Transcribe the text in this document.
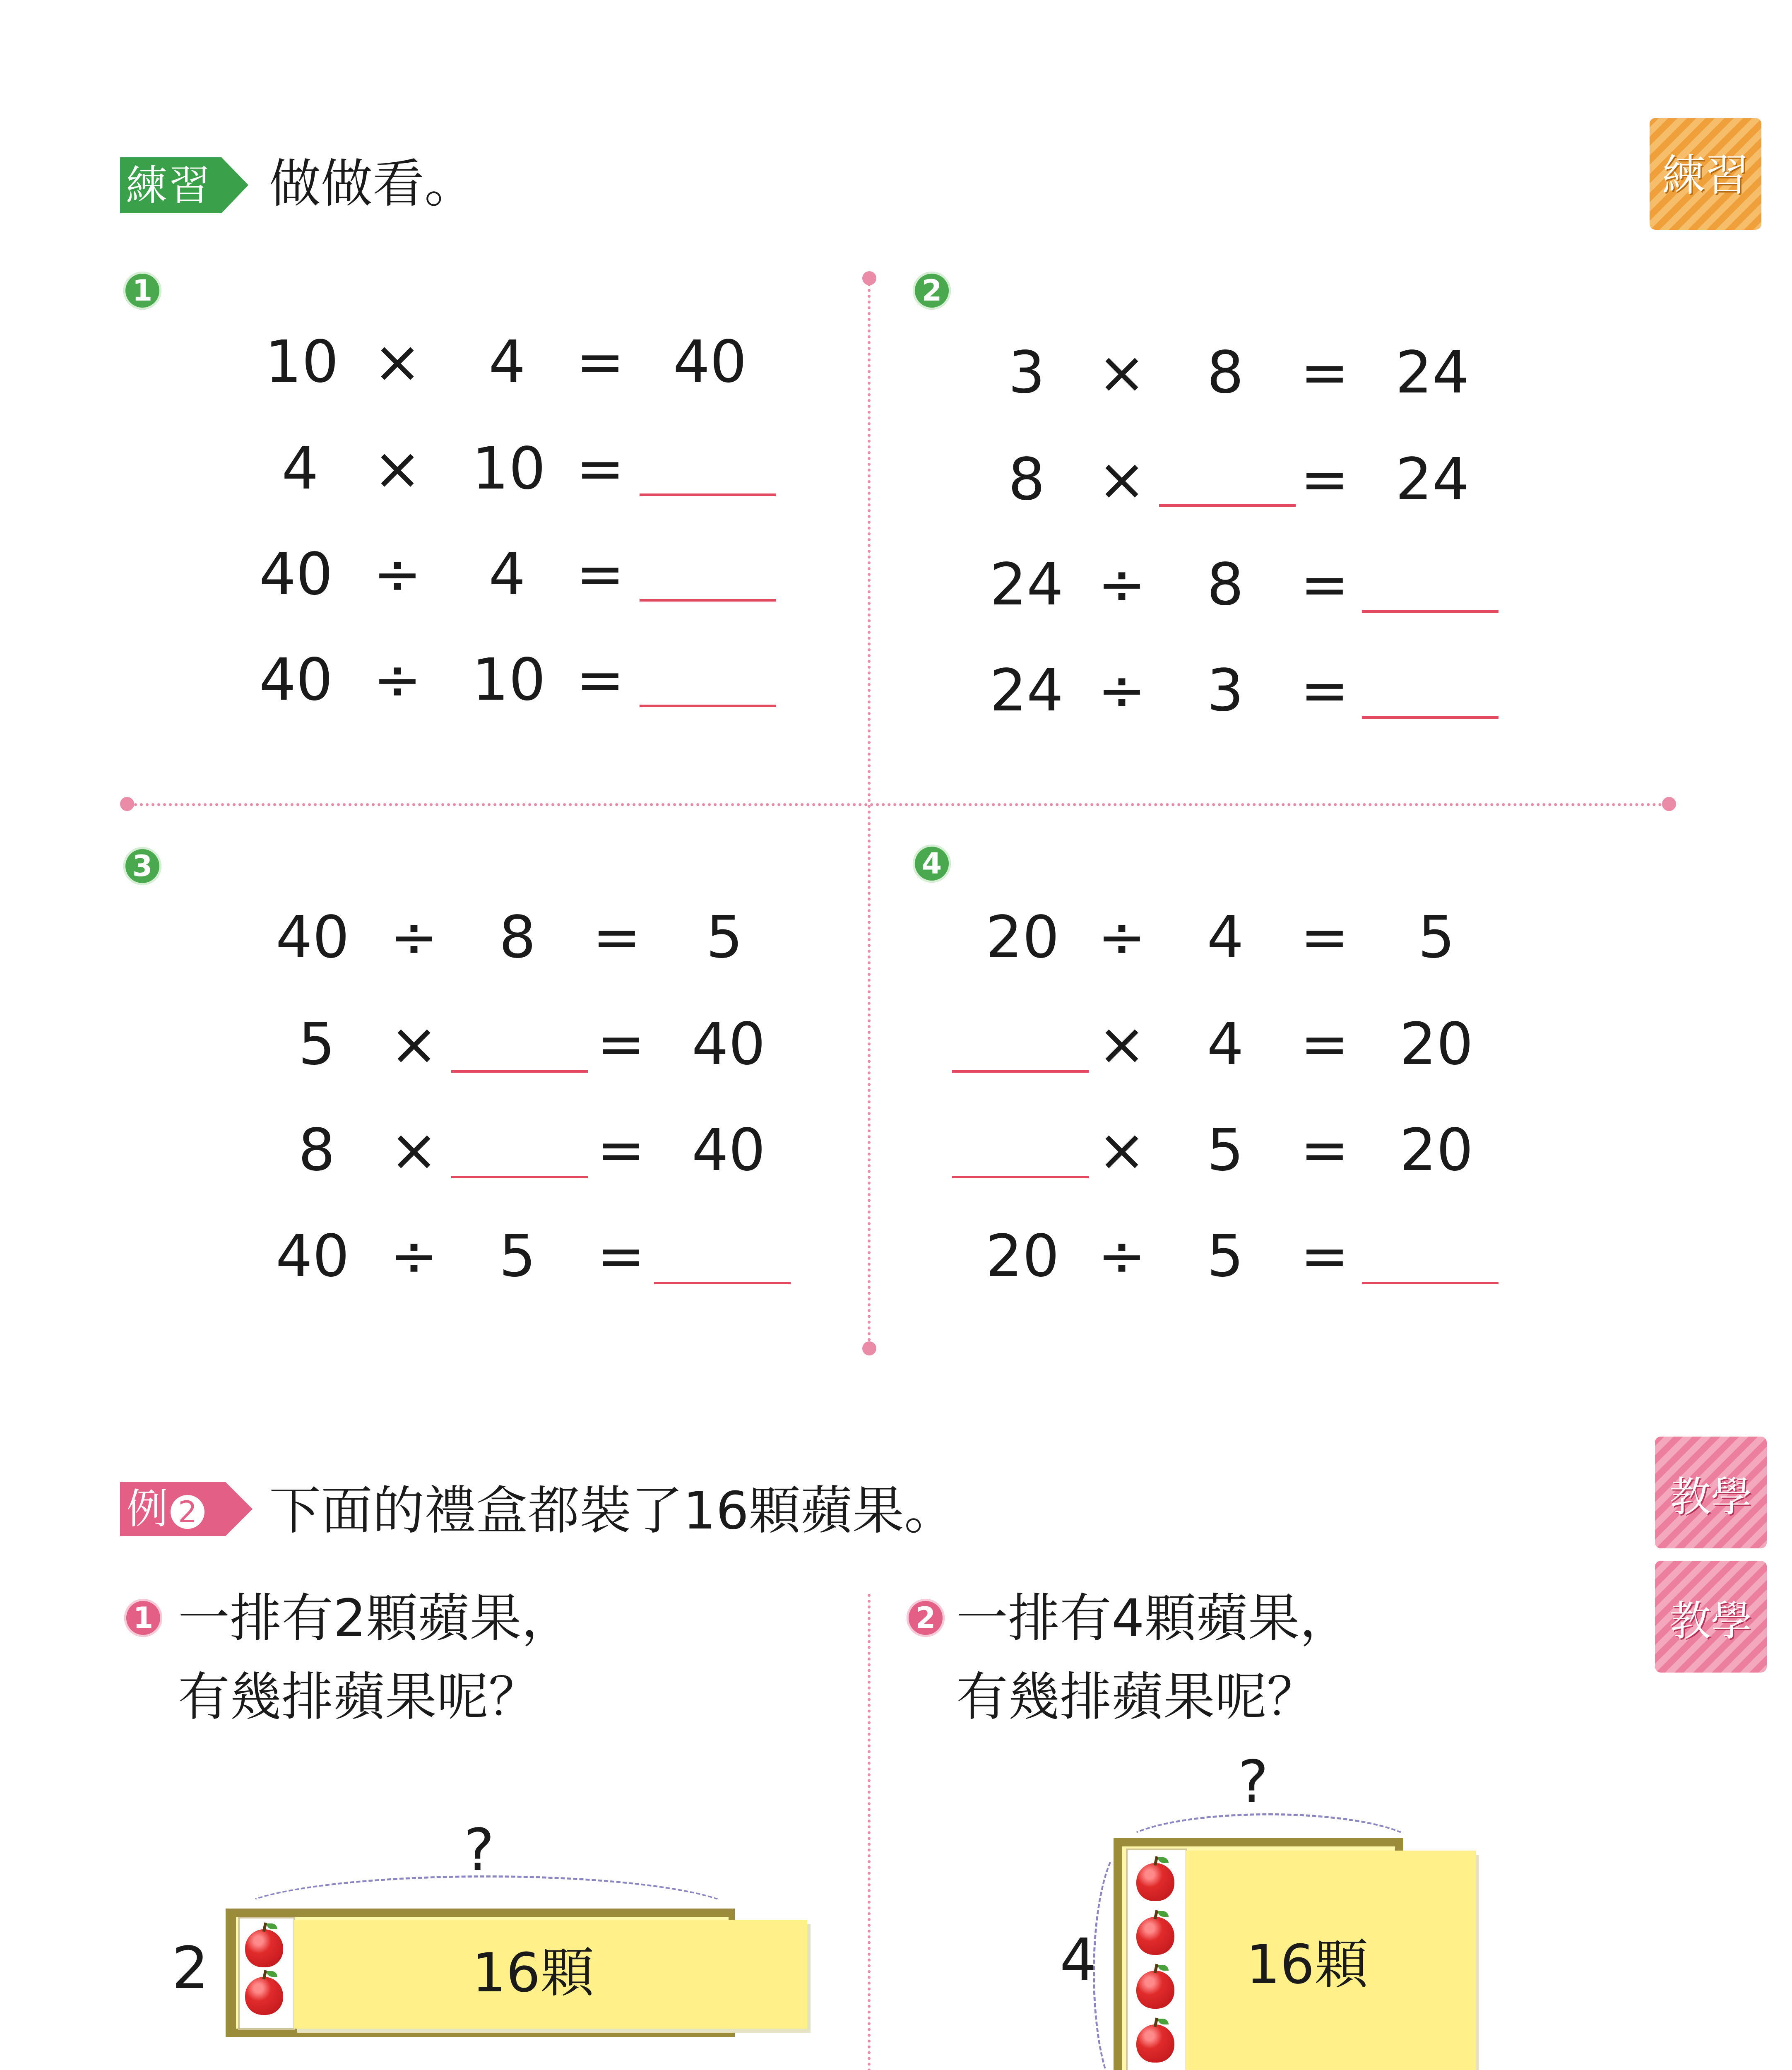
練習 做做看。	練習
1
10 × 4 = 40
4 × 10 =
40 ÷ 4 =
40 ÷ 10 =
2
3 ×	8 = 24
8 ×	= 24
24 ÷	8 =
24 ÷	3 =
3
40 ÷	8 =	5
5 ×	= 40
8 ×	= 40
40 ÷	5	=
4
20 ÷	4 =	5
×	4 = 20
×	5 = 20
20 ÷	5 =
例 2 下面的禮盒都裝了16顆蘋果。	教學
教學
1 一排有2顆蘋果，
有幾排蘋果呢？
?
2	16顆
2 一排有4顆蘋果，
有幾排蘋果呢？
?
4	16顆
